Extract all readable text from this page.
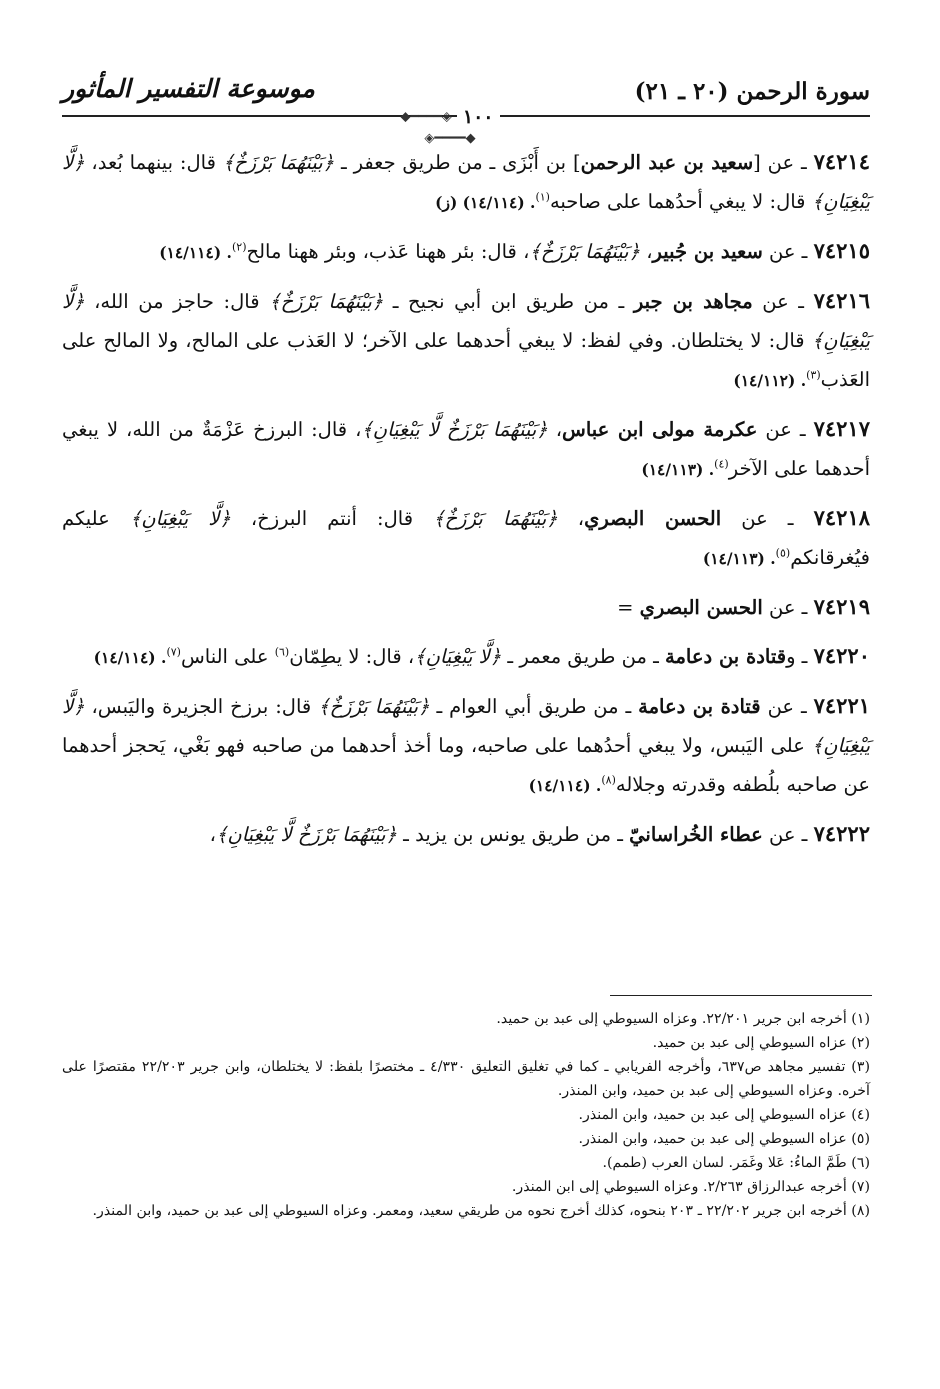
سورة الرحمن (٢٠ ـ ٢١)
موسوعة التفسير المأثور
◆━━━━◈ ١٠٠ ◈━━━━◆
٧٤٢١٤ ـ عن [سعيد بن عبد الرحمن] بن أَبْزَى ـ من طريق جعفر ـ ﴿بَيْنَهُمَا بَرْزَخٌ﴾ قال: بينهما بُعد، ﴿لَّا يَبْغِيَانِ﴾ قال: لا يبغي أحدُهما على صاحبه$^{(١)}$. (١٤/١١٤) (ز)
٧٤٢١٥ ـ عن سعيد بن جُبير، ﴿بَيْنَهُمَا بَرْزَخٌ﴾، قال: بئر ههنا عَذب، وبئر ههنا مالح$^{(٢)}$. (١٤/١١٤)
٧٤٢١٦ ـ عن مجاهد بن جبر ـ من طريق ابن أبي نجيح ـ ﴿بَيْنَهُمَا بَرْزَخٌ﴾ قال: حاجز من الله، ﴿لَّا يَبْغِيَانِ﴾ قال: لا يختلطان. وفي لفظ: لا يبغي أحدهما على الآخر؛ لا العَذب على المالح، ولا المالح على العَذب$^{(٣)}$. (١٤/١١٢)
٧٤٢١٧ ـ عن عكرمة مولى ابن عباس، ﴿بَيْنَهُمَا بَرْزَخٌ لَّا يَبْغِيَانِ﴾، قال: البرزخ عَزْمَةٌ من الله، لا يبغي أحدهما على الآخر$^{(٤)}$. (١٤/١١٣)
٧٤٢١٨ ـ عن الحسن البصري، ﴿بَيْنَهُمَا بَرْزَخٌ﴾ قال: أنتم البرزخ، ﴿لَّا يَبْغِيَانِ﴾ عليكم فيُغرقانكم$^{(٥)}$. (١٤/١١٣)
٧٤٢١٩ ـ عن الحسن البصري =
٧٤٢٢٠ ـ وقتادة بن دعامة ـ من طريق معمر ـ ﴿لَّا يَبْغِيَانِ﴾، قال: لا يطِمّان$^{(٦)}$ على الناس$^{(٧)}$. (١٤/١١٤)
٧٤٢٢١ ـ عن قتادة بن دعامة ـ من طريق أبي العوام ـ ﴿بَيْنَهُمَا بَرْزَخٌ﴾ قال: برزخ الجزيرة واليَبس، ﴿لَّا يَبْغِيَانِ﴾ على اليَبس، ولا يبغي أحدُهما على صاحبه، وما أخذ أحدهما من صاحبه فهو بَغْي، يَحجز أحدهما عن صاحبه بلُطفه وقدرته وجلاله$^{(٨)}$. (١٤/١١٤)
٧٤٢٢٢ ـ عن عطاء الخُراسانيّ ـ من طريق يونس بن يزيد ـ ﴿بَيْنَهُمَا بَرْزَخٌ لَّا يَبْغِيَانِ﴾،
(١) أخرجه ابن جرير ٢٢/٢٠١. وعزاه السيوطي إلى عبد بن حميد.
(٢) عزاه السيوطي إلى عبد بن حميد.
(٣) تفسير مجاهد ص٦٣٧، وأخرجه الفريابي ـ كما في تغليق التعليق ٤/٣٣٠ ـ مختصرًا بلفظ: لا يختلطان، وابن جرير ٢٢/٢٠٣ مقتصرًا على آخره. وعزاه السيوطي إلى عبد بن حميد، وابن المنذر.
(٤) عزاه السيوطي إلى عبد بن حميد، وابن المنذر.
(٥) عزاه السيوطي إلى عبد بن حميد، وابن المنذر.
(٦) طَمَّ الماءُ: عَلا وغَمَر. لسان العرب (طمم).
(٧) أخرجه عبدالرزاق ٢/٢٦٣. وعزاه السيوطي إلى ابن المنذر.
(٨) أخرجه ابن جرير ٢٢/٢٠٢ ـ ٢٠٣ بنحوه، كذلك أخرج نحوه من طريقي سعيد، ومعمر. وعزاه السيوطي إلى عبد بن حميد، وابن المنذر.
